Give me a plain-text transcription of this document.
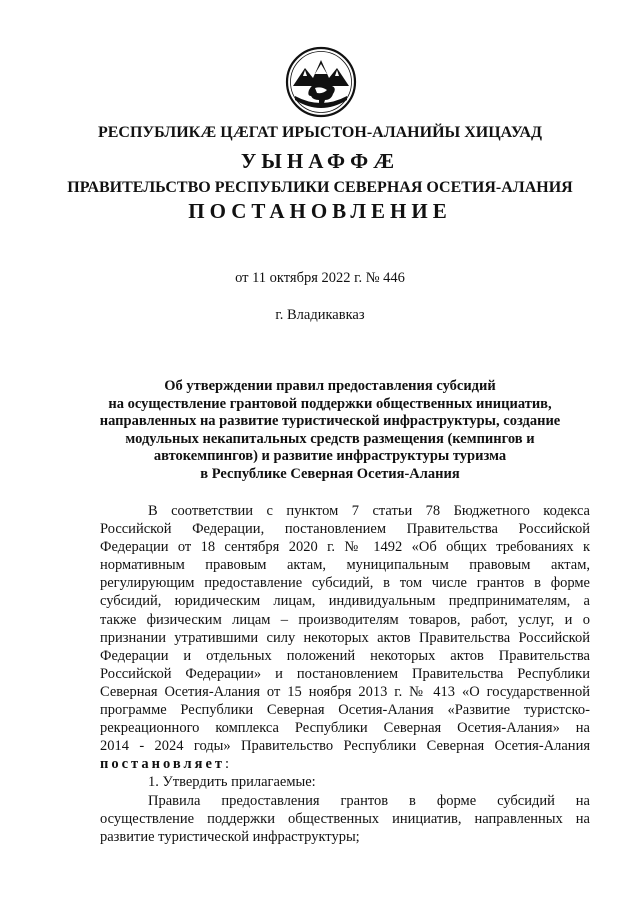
РЕСПУБЛИКÆ ЦÆГАТ ИРЫСТОН-АЛАНИЙЫ ХИЦАУАД
УЫНАФФÆ
ПРАВИТЕЛЬСТВО РЕСПУБЛИКИ СЕВЕРНАЯ ОСЕТИЯ-АЛАНИЯ
ПОСТАНОВЛЕНИЕ
от 11 октября 2022 г. № 446
г. Владикавказ
Об утверждении правил предоставления субсидий
на осуществление грантовой поддержки общественных инициатив,
направленных на развитие туристической инфраструктуры, создание
модульных некапитальных средств размещения (кемпингов и
автокемпингов) и развитие инфраструктуры туризма
в Республике Северная Осетия-Алания
В соответствии с пунктом 7 статьи 78 Бюджетного кодекса
Российской Федерации, постановлением Правительства Российской
Федерации от 18 сентября 2020 г. № 1492 «Об общих требованиях к
нормативным правовым актам, муниципальным правовым актам,
регулирующим предоставление субсидий, в том числе грантов в форме
субсидий, юридическим лицам, индивидуальным предпринимателям, а
также физическим лицам – производителям товаров, работ, услуг, и о
признании утратившими силу некоторых актов Правительства Российской
Федерации и отдельных положений некоторых актов Правительства
Российской Федерации» и постановлением Правительства Республики
Северная Осетия-Алания от 15 ноября 2013 г. № 413 «О государственной
программе Республики Северная Осетия-Алания «Развитие туристско-
рекреационного комплекса Республики Северная Осетия-Алания» на
2014 - 2024 годы» Правительство Республики Северная Осетия-Алания
постановляет:
1. Утвердить прилагаемые:
Правила предоставления грантов в форме субсидий на
осуществление поддержки общественных инициатив, направленных на
развитие туристической инфраструктуры;
